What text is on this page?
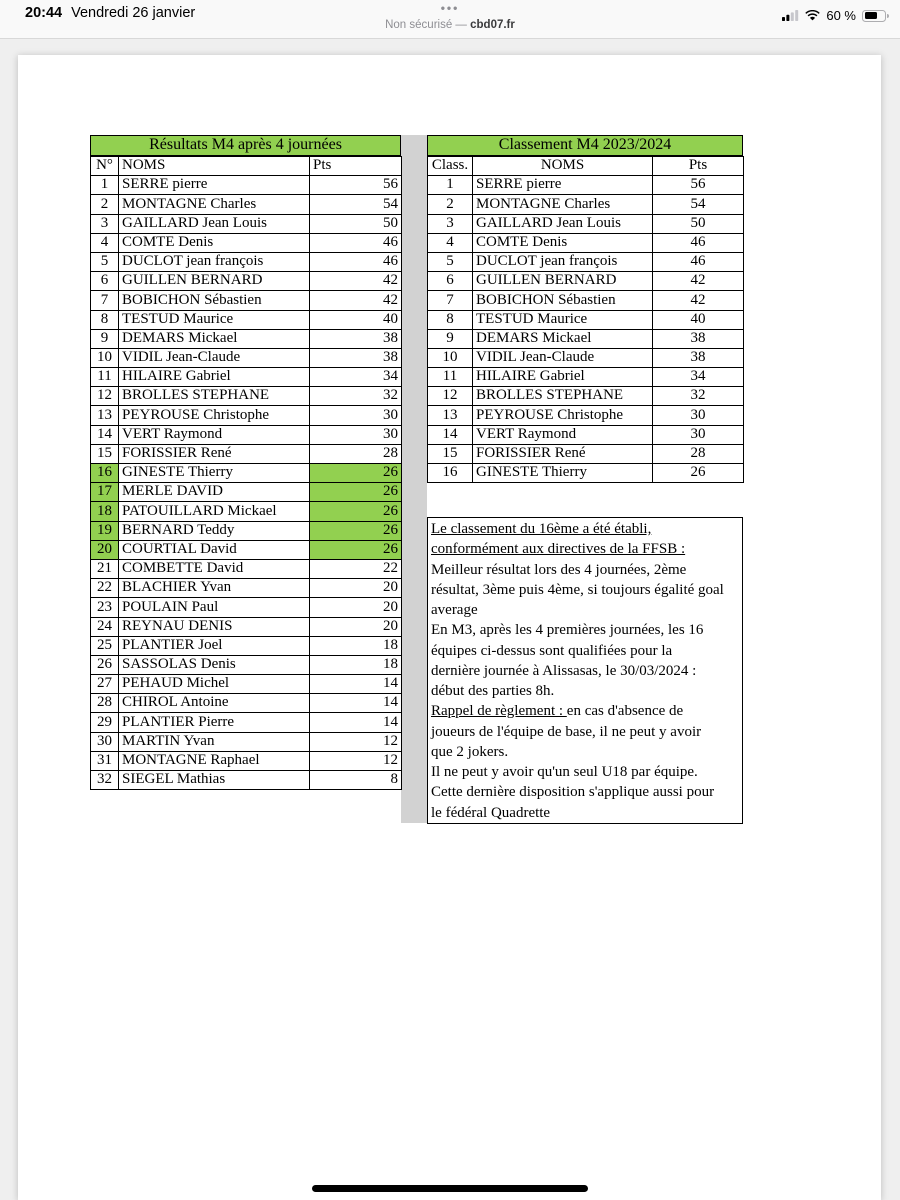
20:44 Vendredi 26 janvier	•••
Non sécurisé — cbd07.fr
60 %
Résultats M4 après 4 journées
N°	NOMS	Pts
1	SERRE pierre	56
2	MONTAGNE Charles	54
3	GAILLARD Jean Louis	50
4	COMTE Denis	46
5	DUCLOT jean françois	46
6	GUILLEN BERNARD	42
7	BOBICHON Sébastien	42
8	TESTUD Maurice	40
9	DEMARS Mickael	38
10	VIDIL Jean-Claude	38
11	HILAIRE Gabriel	34
12	BROLLES STEPHANE	32
13	PEYROUSE Christophe	30
14	VERT Raymond	30
15	FORISSIER René	28
16	GINESTE Thierry	26
17	MERLE DAVID	26
18	PATOUILLARD Mickael	26
19	BERNARD Teddy	26
20	COURTIAL David	26
21	COMBETTE David	22
22	BLACHIER Yvan	20
23	POULAIN Paul	20
24	REYNAU DENIS	20
25	PLANTIER Joel	18
26	SASSOLAS Denis	18
27	PEHAUD Michel	14
28	CHIROL Antoine	14
29	PLANTIER Pierre	14
30	MARTIN Yvan	12
31	MONTAGNE Raphael	12
32	SIEGEL Mathias	8
Classement M4 2023/2024
Class.	NOMS	Pts
1	SERRE pierre	56
2	MONTAGNE Charles	54
3	GAILLARD Jean Louis	50
4	COMTE Denis	46
5	DUCLOT jean françois	46
6	GUILLEN BERNARD	42
7	BOBICHON Sébastien	42
8	TESTUD Maurice	40
9	DEMARS Mickael	38
10	VIDIL Jean-Claude	38
11	HILAIRE Gabriel	34
12	BROLLES STEPHANE	32
13	PEYROUSE Christophe	30
14	VERT Raymond	30
15	FORISSIER René	28
16	GINESTE Thierry	26
Le classement du 16ème a été établi,
conformément aux directives de la FFSB :
Meilleur résultat lors des 4 journées, 2ème
résultat, 3ème puis 4ème, si toujours égalité goal
average
En M3, après les 4 premières journées, les 16
équipes ci-dessus sont qualifiées pour la
dernière journée à Alissasas, le 30/03/2024 :
début des parties 8h.
Rappel de règlement : en cas d'absence de
joueurs de l'équipe de base, il ne peut y avoir
que 2 jokers.
Il ne peut y avoir qu'un seul U18 par équipe.
Cette dernière disposition s'applique aussi pour
le fédéral Quadrette
